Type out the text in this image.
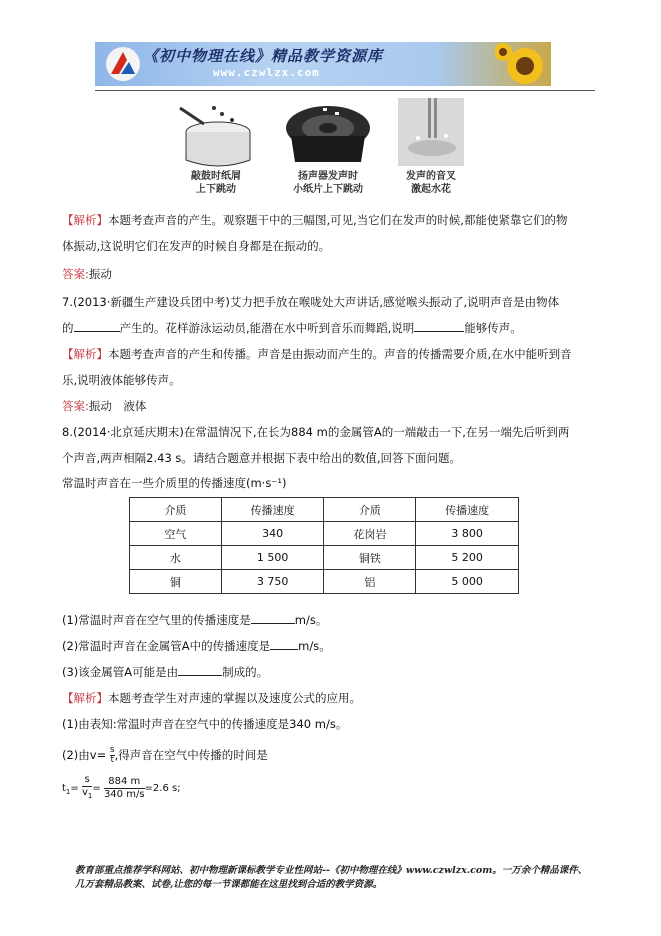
《初中物理在线》精品教学资源库
www.czwlzx.com
敲鼓时纸屑
上下跳动
扬声器发声时
小纸片上下跳动
发声的音叉
激起水花
【解析】本题考查声音的产生。观察题干中的三幅图,可见,当它们在发声的时候,都能使紧靠它们的物
体振动,这说明它们在发声的时候自身都是在振动的。
答案:振动
7.(2013·新疆生产建设兵团中考)艾力把手放在喉咙处大声讲话,感觉喉头振动了,说明声音是由物体
的	产生的。花样游泳运动员,能潜在水中听到音乐而舞蹈,说明	能够传声。
【解析】本题考查声音的产生和传播。声音是由振动而产生的。声音的传播需要介质,在水中能听到音
乐,说明液体能够传声。
答案:振动　液体
8.(2014·北京延庆期末)在常温情况下,在长为884 m的金属管A的一端敲击一下,在另一端先后听到两
个声音,两声相隔2.43 s。请结合题意并根据下表中给出的数值,回答下面问题。
常温时声音在一些介质里的传播速度(m·s⁻¹)
介质	传播速度	介质	传播速度
空气	340	花岗岩	3 800
水	1 500	铜铁	5 200
铜	3 750	铝	5 000
(1)常温时声音在空气里的传播速度是	m/s。
(2)常温时声音在金属管A中的传播速度是 m/s。
(3)该金属管A可能是由	制成的。
【解析】本题考查学生对声速的掌握以及速度公式的应用。
(1)由表知:常温时声音在空气中的传播速度是340 m/s。
(2)由$v= \frac{s}{t}$ ,得声音在空气中传播的时间是
$t_1= \frac{s}{v_1} = \frac{884 m}{340 m/s} =2.6$ s;
教育部重点推荐学科网站、初中物理新课标教学专业性网站--《初中物理在线》www.czwlzx.com。一万余个精品课件、
几万套精品教案、试卷,让您的每一节课都能在这里找到合适的教学资源。
